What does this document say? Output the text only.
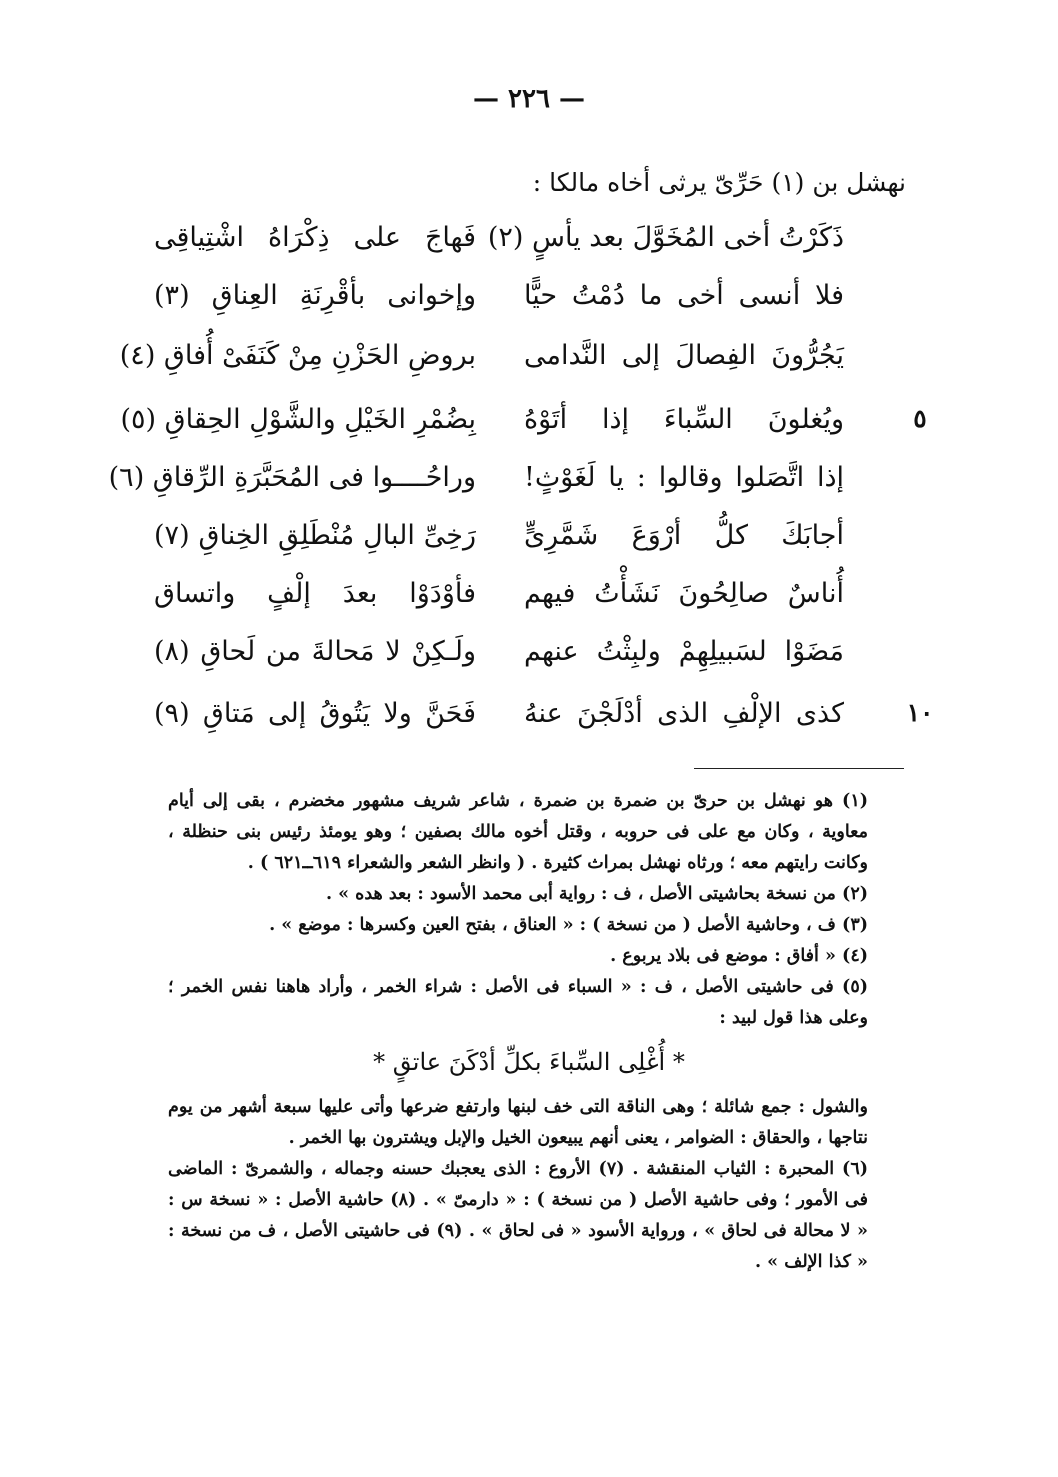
— ٢٢٦ —
نهشل بن (١) حَرِّىّ يرثى أخاه مالكا :
ذَكَرْتُ أخى المُخَوَّلَ بعد يأسٍ (٢)
فَهاجَ على ذِكْرَاهُ اشْتِياقِى
فلا أنسى أخى ما دُمْتُ حيًّا
وإخوانى بأقْرِنَةِ العِناقِ (٣)
يَجُرُّونَ الفِصالَ إلى النَّدامى
بروضِ الحَزْنِ مِنْ كَنَفَىْ أُفاقِ (٤)
ويُغلونَ السِّباءَ إذا أتَوْهُ
بِضُمْرِ الخَيْلِ والشَّوْلِ الحِقاقِ (٥)	٥
إذا اتَّصَلوا وقالوا : يا لَغَوْثٍ!
وراحُــــوا فى المُحَبَّرَةِ الرِّقاقِ (٦)
أجابَكَ كلُّ أرْوَعَ شَمَّرِىٍّ
رَخِىِّ البالِ مُنْطَلِقِ الخِناقِ (٧)
أُناسٌ صالِحُونَ نَشَأْتُ فيهم
فأوْدَوْا بعدَ إلْفٍ واتساق
مَضَوْا لسَبيلِهِمْ ولبِثْتُ عنهم
ولَـكِنْ لا مَحالةَ من لَحاقِ (٨)
كذى الإلْفِ الذى أدْلَجْنَ عنهُ
فَحَنَّ ولا يَتُوقُ إلى مَتاقِ (٩)	١٠

(١) هو نهشل بن حرىّ بن ضمرة بن ضمرة ، شاعر شريف مشهور مخضرم ، بقى إلى أيام معاوية ، وكان مع على فى حروبه ، وقتل أخوه مالك بصفين ؛ وهو يومئذ رئيس بنى حنظلة ، وكانت رايتهم معه ؛ ورثاه نهشل بمراث كثيرة . ( وانظر الشعر والشعراء ٦١٩ــ٦٢١ ) .

(٢) من نسخة بحاشيتى الأصل ، ف : رواية أبى محمد الأسود : بعد هده » .

(٣) ف ، وحاشية الأصل ( من نسخة ) : « العناق ، بفتح العين وكسرها : موضع » .

(٤) « أفاق : موضع فى بلاد يربوع .

(٥) فى حاشيتى الأصل ، ف : « السباء فى الأصل : شراء الخمر ، وأراد هاهنا نفس الخمر ؛ وعلى هذا قول لبيد :

* أُغْلِى السِّباءَ بكلِّ أدْكَنَ عاتقٍ *

والشول : جمع شائلة ؛ وهى الناقة التى خف لبنها وارتفع ضرعها وأتى عليها سبعة أشهر من يوم نتاجها ، والحقاق : الضوامر ، يعنى أنهم يبيعون الخيل والإبل ويشترون بها الخمر .

(٦) المحبرة : الثياب المنقشة . (٧) الأروع : الذى يعجبك حسنه وجماله ، والشمرىّ : الماضى فى الأمور ؛ وفى حاشية الأصل ( من نسخة ) : « دارمىّ » . (٨) حاشية الأصل : « نسخة س : « لا محالة فى لحاق » ، ورواية الأسود « فى لحاق » . (٩) فى حاشيتى الأصل ، ف من نسخة : « كذا الإلف » .
